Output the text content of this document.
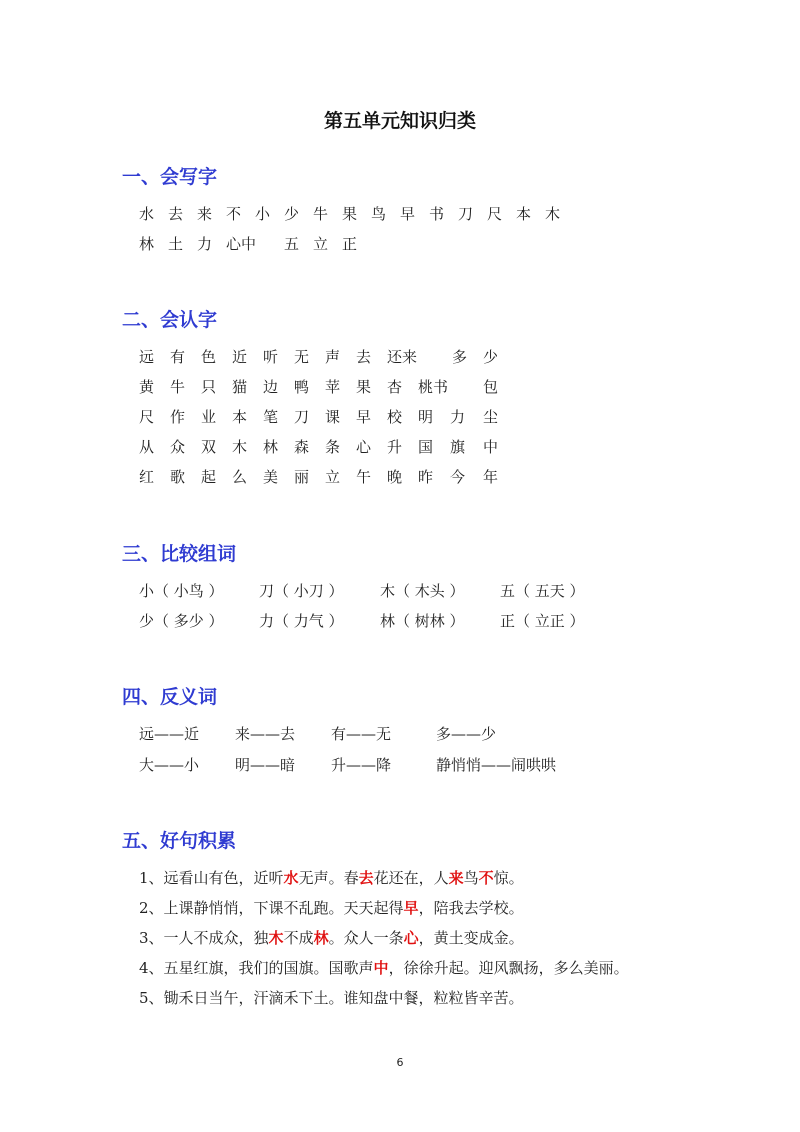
第五单元知识归类
一、会写字
水 去 来 不 小 少 牛 果 鸟 早 书 刀 尺 本 木
林 土 力 心中 五 立 正
二、会认字
远 有 色 近 听 无 声 去 还来 多 少
黄 牛 只 猫 边 鸭 苹 果 杏 桃书 包
尺 作 业 本 笔 刀 课 早 校 明 力 尘
从 众 双 木 林 森 条 心 升 国 旗 中
红 歌 起 么 美 丽 立 午 晚 昨 今 年
三、比较组词
小（ 小鸟 ） 刀（ 小刀 ） 木（ 木头 ） 五（ 五天 ）
少（ 多少 ） 力（ 力气 ） 林（ 树林 ） 正（ 立正 ）
四、反义词
远——近 来——去 有——无	多——少
大——小 明——暗 升——降	静悄悄——闹哄哄
五、好句积累
1、远看山有色，近听水无声。春去花还在，人来鸟不惊。
2、上课静悄悄，下课不乱跑。天天起得早，陪我去学校。
3、一人不成众，独木不成林。众人一条心，黄土变成金。
4、五星红旗，我们的国旗。国歌声中，徐徐升起。迎风飘扬，多么美丽。
5、锄禾日当午，汗滴禾下土。谁知盘中餐，粒粒皆辛苦。
6
